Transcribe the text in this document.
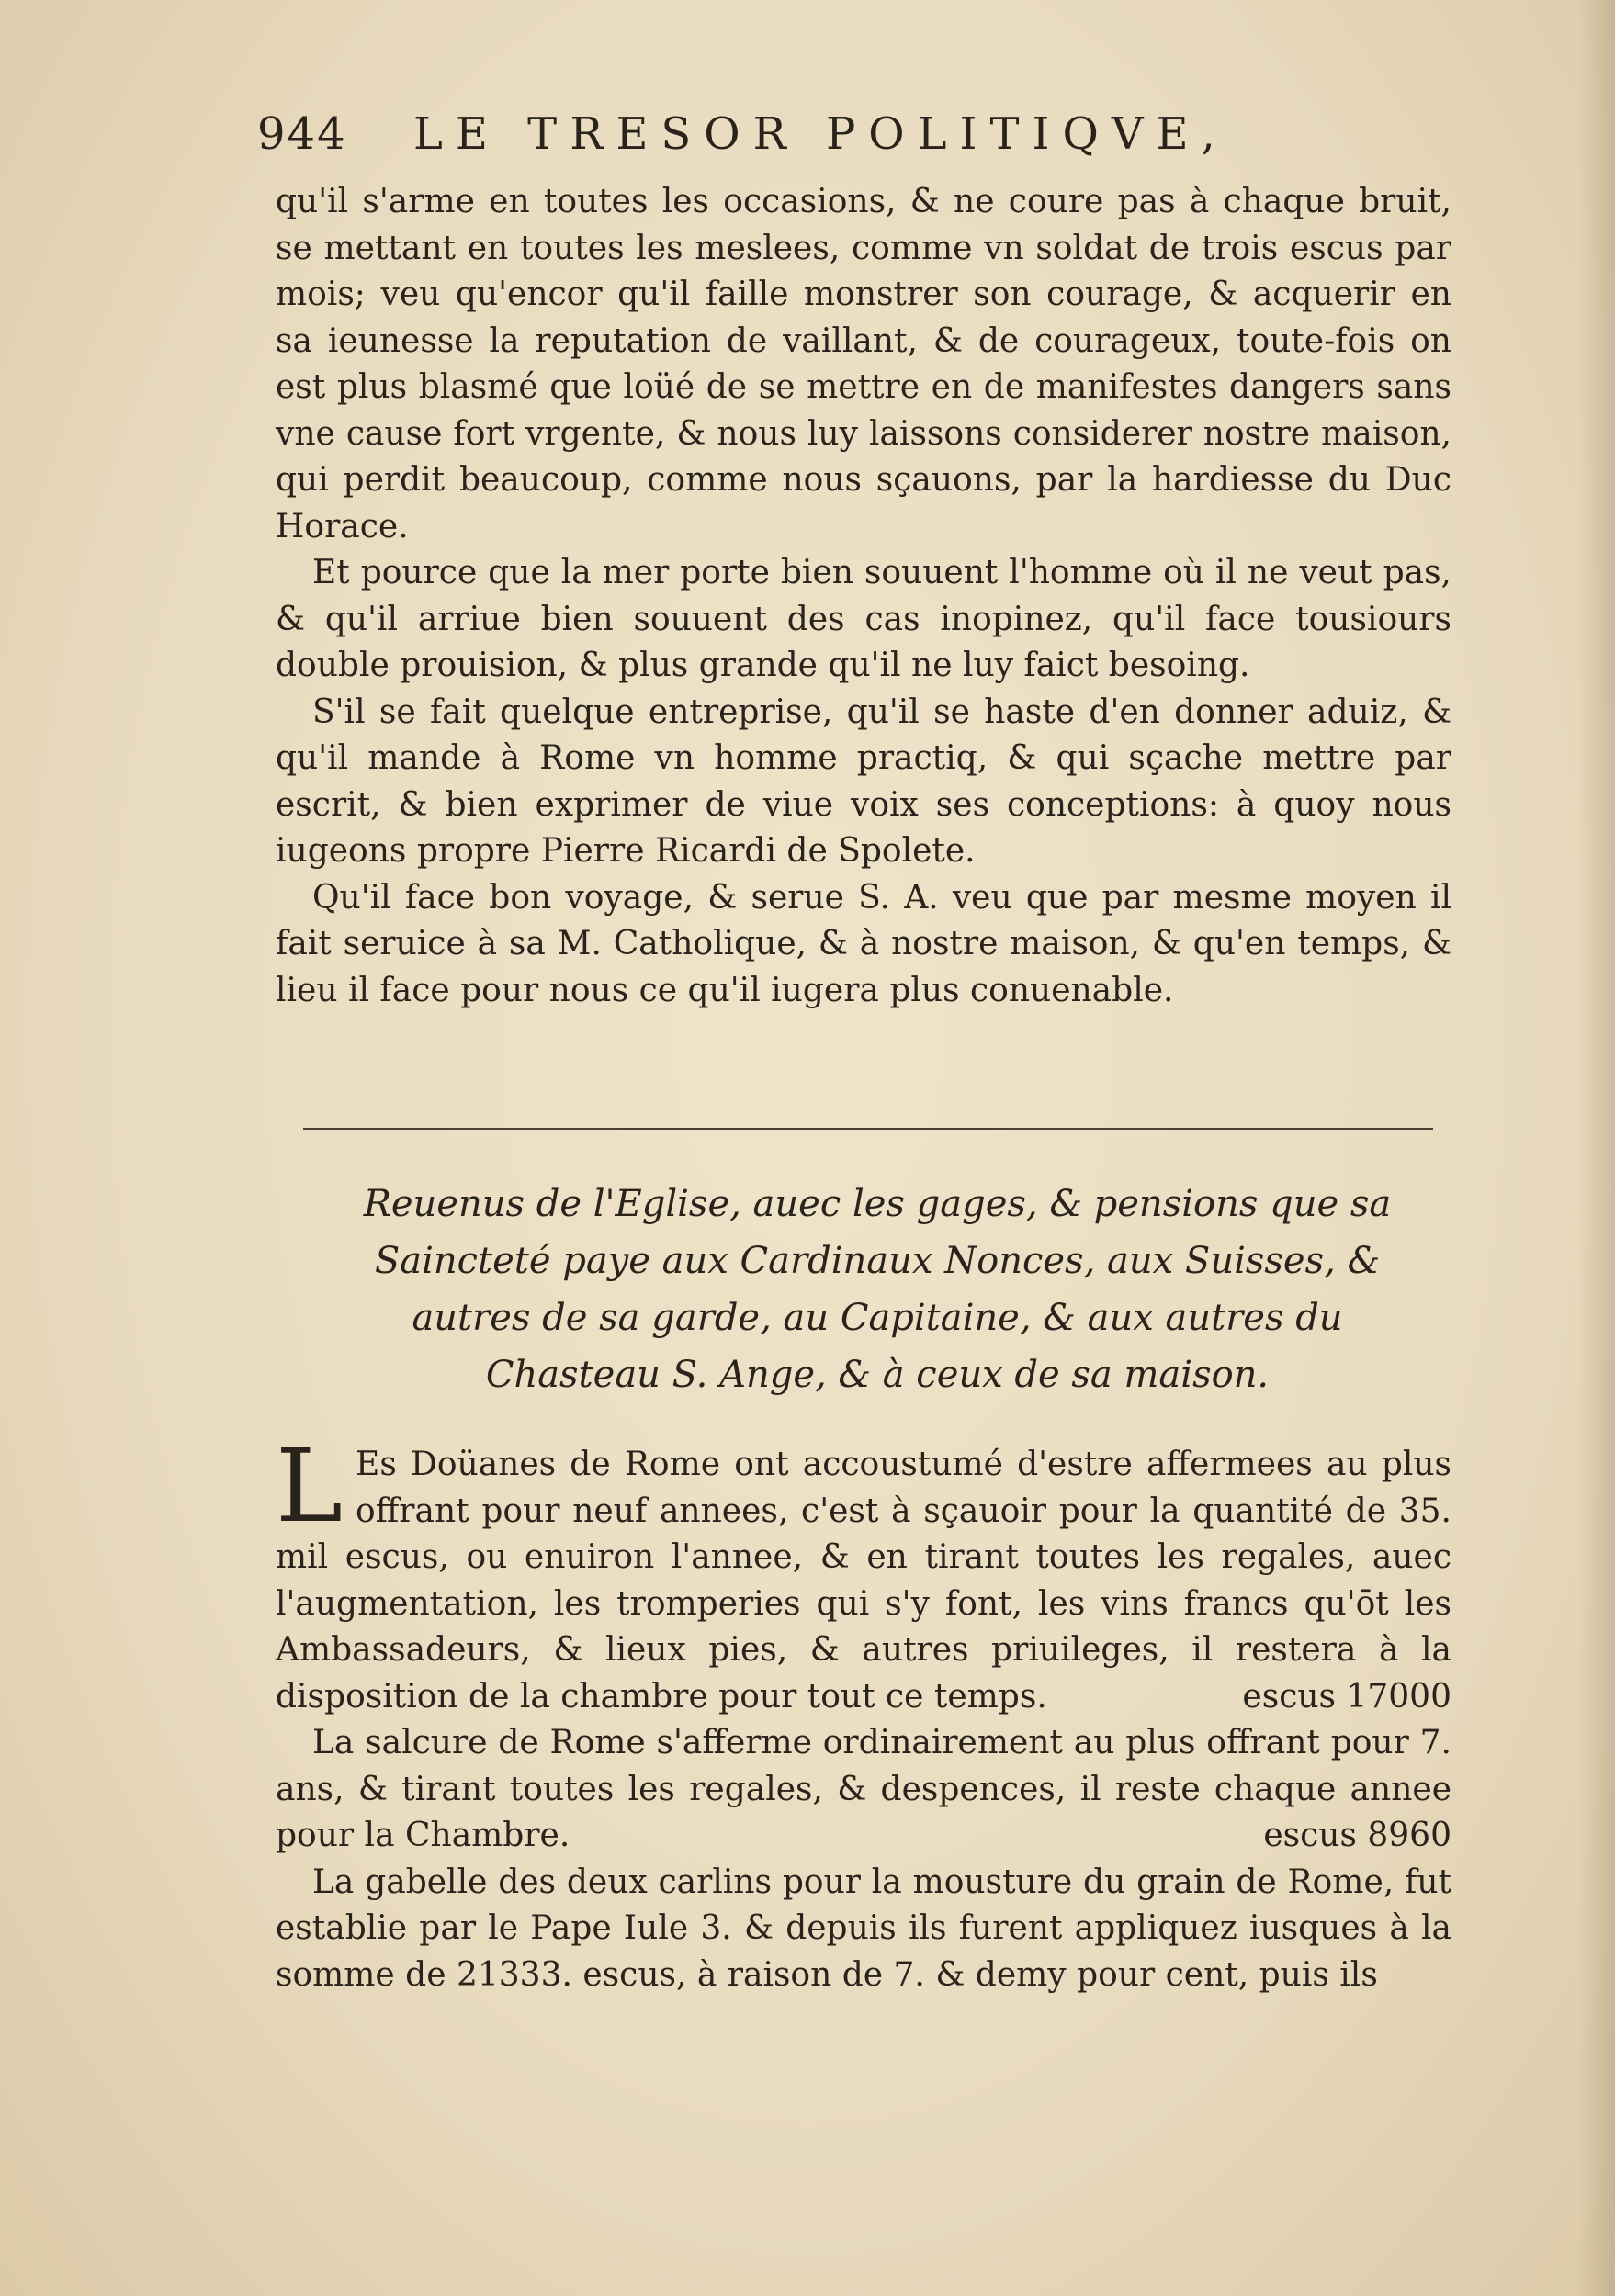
944	LE TRESOR POLITIQVE,

qu'il s'arme en toutes les occasions, & ne coure pas à chaque bruit, se mettant en toutes les meslees, comme vn soldat de trois escus par mois; veu qu'encor qu'il faille monstrer son courage, & acquerir en sa ieunesse la reputation de vaillant, & de courageux, toute-fois on est plus blasmé que loüé de se mettre en de manifestes dangers sans vne cause fort vrgente, & nous luy laissons considerer nostre maison, qui perdit beaucoup, comme nous sçauons, par la hardiesse du Duc Horace.

Et pource que la mer porte bien souuent l'homme où il ne veut pas, & qu'il arriue bien souuent des cas inopinez, qu'il face tousiours double prouision, & plus grande qu'il ne luy faict besoing.

S'il se fait quelque entreprise, qu'il se haste d'en donner aduiz, & qu'il mande à Rome vn homme practiq, & qui sçache mettre par escrit, & bien exprimer de viue voix ses conceptions: à quoy nous iugeons propre Pierre Ricardi de Spolete.

Qu'il face bon voyage, & serue S. A. veu que par mesme moyen il fait seruice à sa M. Catholique, & à nostre maison, & qu'en temps, & lieu il face pour nous ce qu'il iugera plus conuenable.

Reuenus de l'Eglise, auec les gages, & pensions que sa Saincteté paye aux Cardinaux Nonces, aux Suisses, & autres de sa garde, au Capitaine, & aux autres du Chasteau S. Ange, & à ceux de sa maison.

L Es Doüanes de Rome ont accoustumé d'estre affermees au plus offrant pour neuf annees, c'est à sçauoir pour la quantité de 35. mil escus, ou enuiron l'annee, & en tirant toutes les regales, auec l'augmentation, les tromperies qui s'y font, les vins francs qu'ōt les Ambassadeurs, & lieux pies, & autres priuileges, il restera à la disposition de la chambre pour tout ce temps.	escus 17000

La salcure de Rome s'afferme ordinairement au plus offrant pour 7. ans, & tirant toutes les regales, & despences, il reste chaque annee pour la Chambre.	escus 8960

La gabelle des deux carlins pour la mousture du grain de Rome, fut establie par le Pape Iule 3. & depuis ils furent appliquez iusques à la somme de 21333. escus, à raison de 7. & demy pour cent, puis ils
